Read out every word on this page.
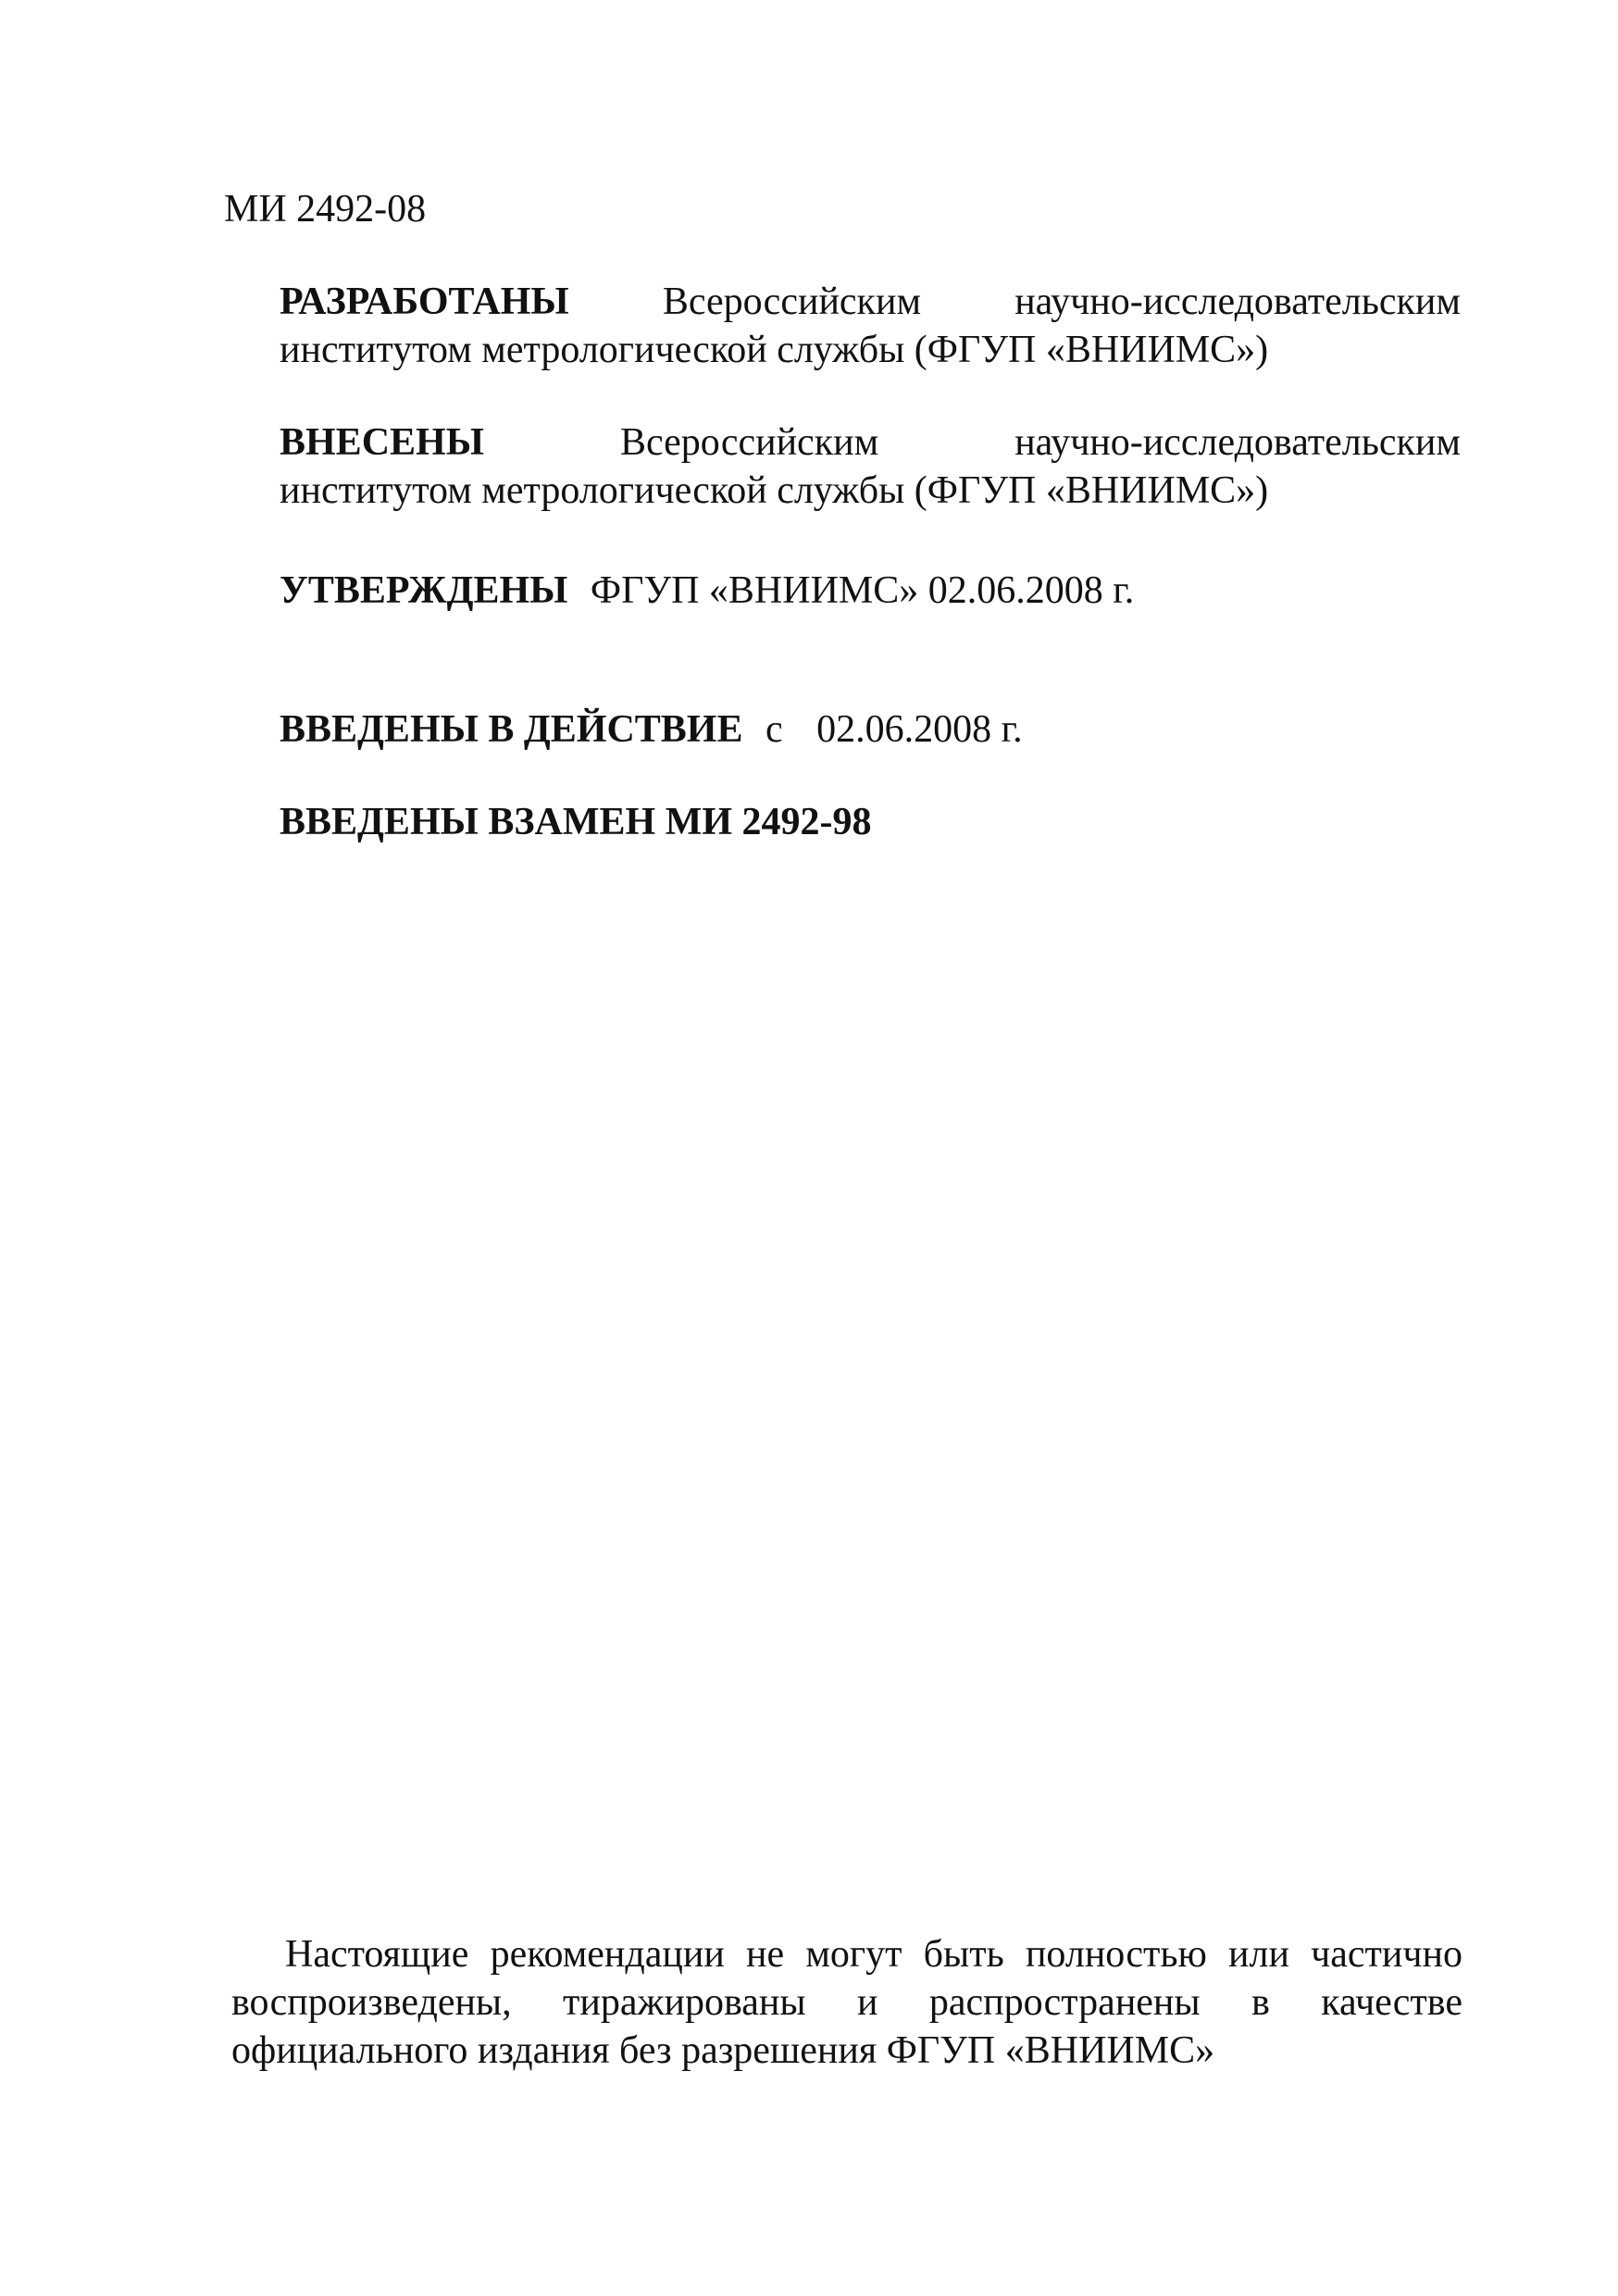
МИ 2492-08
РАЗРАБОТАНЫ Всероссийским научно-исследовательским
институтом метрологической службы (ФГУП «ВНИИМС»)
ВНЕСЕНЫ	Всероссийским	научно-исследовательским
институтом метрологической службы (ФГУП «ВНИИМС»)
УТВЕРЖДЕНЫ ФГУП «ВНИИМС» 02.06.2008 г.
ВВЕДЕНЫ В ДЕЙСТВИЕ с 02.06.2008 г.
ВВЕДЕНЫ ВЗАМЕН МИ 2492-98
Настоящие рекомендации не могут быть полностью или частично
воспроизведены, тиражированы и распространены в качестве
официального издания без разрешения ФГУП «ВНИИМС»
